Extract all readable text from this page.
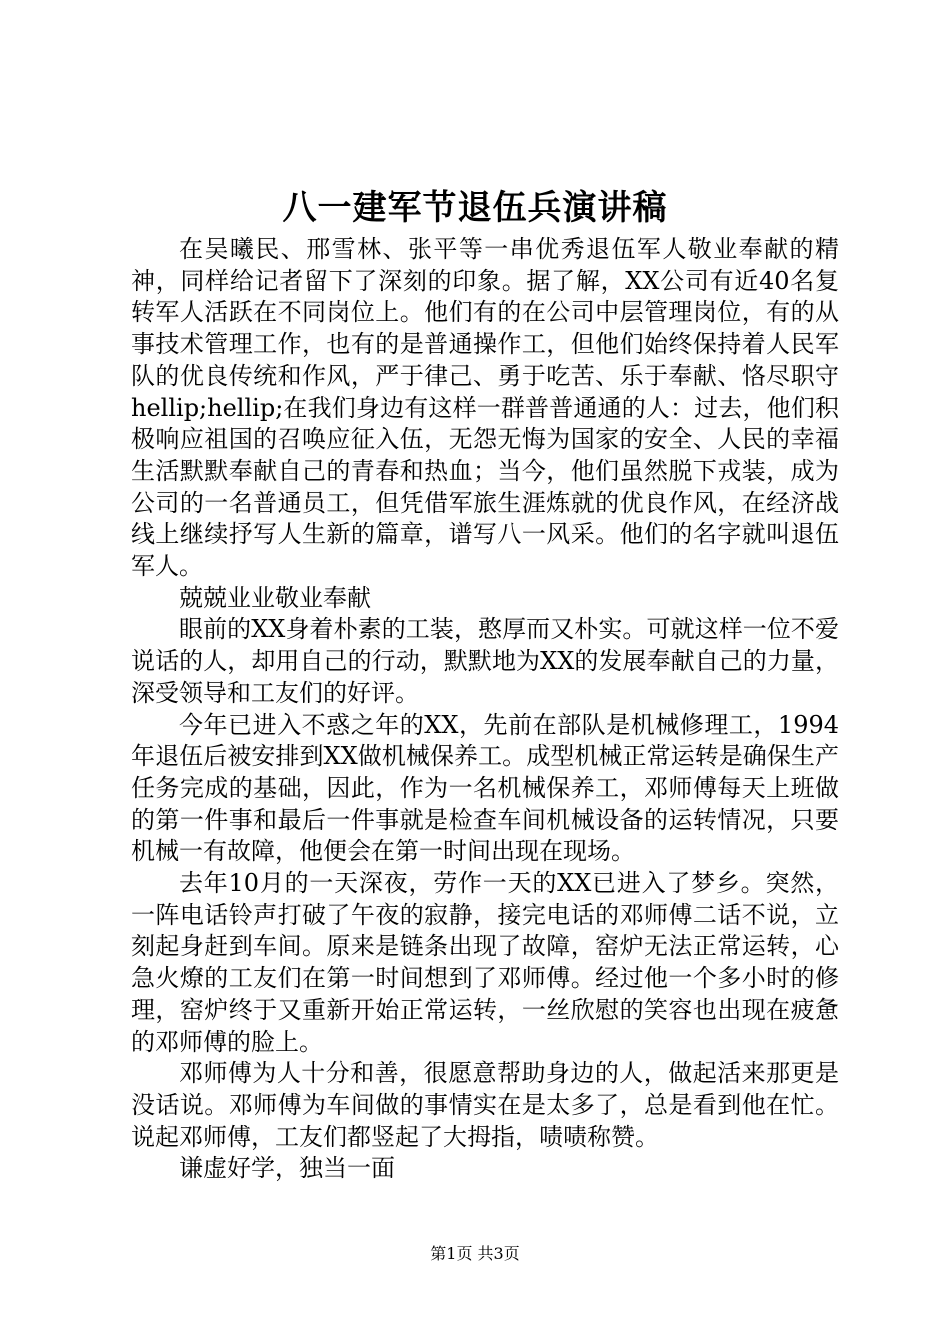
八一建军节退伍兵演讲稿

在吴曦民、邢雪林、张平等一串优秀退伍军人敬业奉献的精神，同样给记者留下了深刻的印象。据了解，XX公司有近40名复转军人活跃在不同岗位上。他们有的在公司中层管理岗位，有的从事技术管理工作，也有的是普通操作工，但他们始终保持着人民军队的优良传统和作风，严于律己、勇于吃苦、乐于奉献、恪尽职守hellip;hellip;在我们身边有这样一群普普通通的人：过去，他们积极响应祖国的召唤应征入伍，无怨无悔为国家的安全、人民的幸福生活默默奉献自己的青春和热血；当今，他们虽然脱下戎装，成为公司的一名普通员工，但凭借军旅生涯炼就的优良作风，在经济战线上继续抒写人生新的篇章，谱写八一风采。他们的名字就叫退伍军人。

兢兢业业敬业奉献

眼前的XX身着朴素的工装，憨厚而又朴实。可就这样一位不爱说话的人，却用自己的行动，默默地为XX的发展奉献自己的力量，深受领导和工友们的好评。

今年已进入不惑之年的XX，先前在部队是机械修理工，1994年退伍后被安排到XX做机械保养工。成型机械正常运转是确保生产任务完成的基础，因此，作为一名机械保养工，邓师傅每天上班做的第一件事和最后一件事就是检查车间机械设备的运转情况，只要机械一有故障，他便会在第一时间出现在现场。

去年10月的一天深夜，劳作一天的XX已进入了梦乡。突然，一阵电话铃声打破了午夜的寂静，接完电话的邓师傅二话不说，立刻起身赶到车间。原来是链条出现了故障，窑炉无法正常运转，心急火燎的工友们在第一时间想到了邓师傅。经过他一个多小时的修理，窑炉终于又重新开始正常运转，一丝欣慰的笑容也出现在疲惫的邓师傅的脸上。

邓师傅为人十分和善，很愿意帮助身边的人，做起活来那更是没话说。邓师傅为车间做的事情实在是太多了，总是看到他在忙。说起邓师傅，工友们都竖起了大拇指，啧啧称赞。

谦虚好学，独当一面

第1页 共3页
